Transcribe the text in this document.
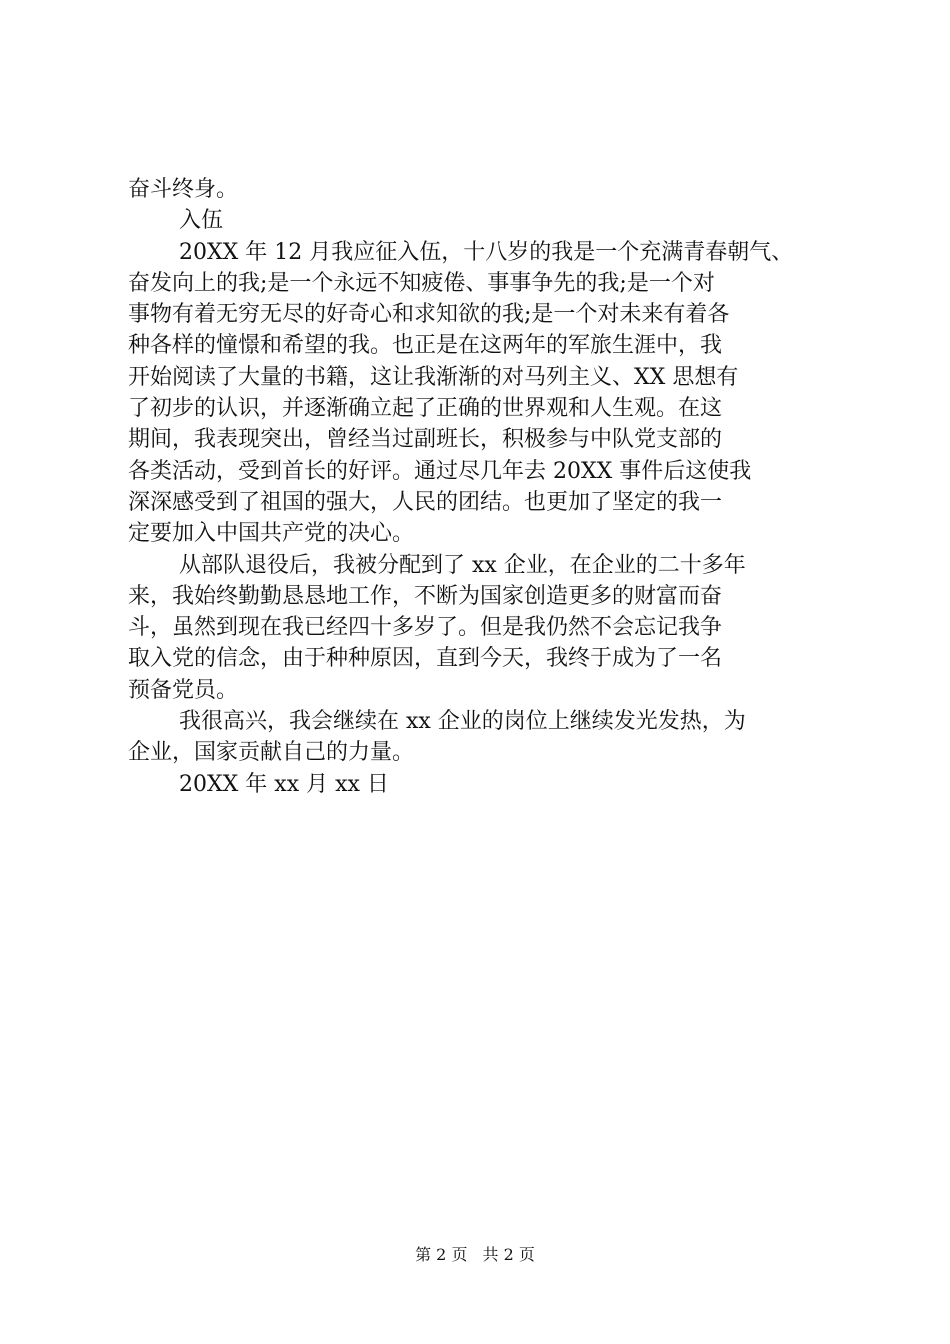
奋斗终身。
入伍
20XX 年 12 月我应征入伍，十八岁的我是一个充满青春朝气、
奋发向上的我;是一个永远不知疲倦、事事争先的我;是一个对
事物有着无穷无尽的好奇心和求知欲的我;是一个对未来有着各
种各样的憧憬和希望的我。也正是在这两年的军旅生涯中，我
开始阅读了大量的书籍，这让我渐渐的对马列主义、XX 思想有
了初步的认识，并逐渐确立起了正确的世界观和人生观。在这
期间，我表现突出，曾经当过副班长，积极参与中队党支部的
各类活动，受到首长的好评。通过尽几年去 20XX 事件后这使我
深深感受到了祖国的强大，人民的团结。也更加了坚定的我一
定要加入中国共产党的决心。
从部队退役后，我被分配到了 xx 企业，在企业的二十多年
来，我始终勤勤恳恳地工作，不断为国家创造更多的财富而奋
斗，虽然到现在我已经四十多岁了。但是我仍然不会忘记我争
取入党的信念，由于种种原因，直到今天，我终于成为了一名
预备党员。
我很高兴，我会继续在 xx 企业的岗位上继续发光发热，为
企业，国家贡献自己的力量。
20XX 年 xx 月 xx 日
第 2 页 共 2 页
